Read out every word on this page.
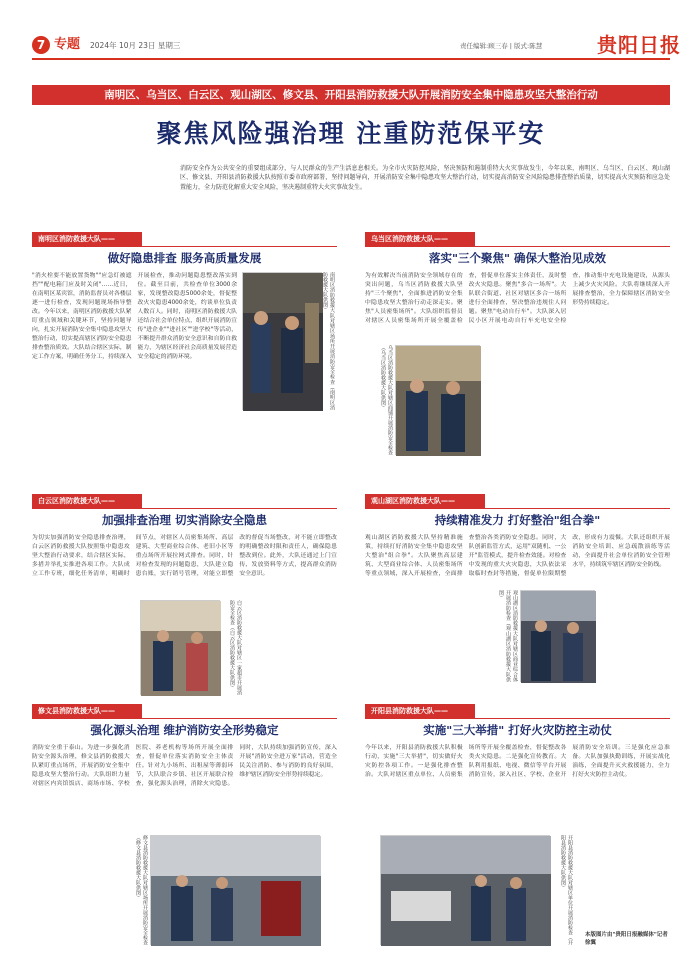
7 专题 2024年 10月 23日 星期三	责任编辑:顾三春 | 版式:陈慧	贵阳日报
南明区、乌当区、白云区、观山湖区、修文县、开阳县消防救援大队开展消防安全集中隐患攻坚大整治行动
聚焦风险强治理 注重防范保平安
消防安全作为公共安全的重要组成部分，与人民群众的生产生活息息相关。为全市火灾防控风险，坚决预防和遏制重特大火灾事故发生，今年以来，南明区、乌当区、白云区、观山湖区、修文县、开阳县消防救援大队按照市委市政府部署，坚持问题导向，开展消防安全集中隐患攻坚大整治行动，切实提高消防安全风险隐患排查整治质量，切实提高火灾预防和应急处置能力，全力防范化解重大安全风险，坚决遏制重特大火灾事故发生。
南明区消防救援大队——
做好隐患排查 服务高质量发展
"消火栓要不能放置货物""应急灯被遮挡""配电箱门应及时关闭"……近日，在南明区某宾馆，消防监督员对各楼层逐一进行检查，发现问题现场指导整改。今年以来，南明区消防救援大队紧盯重点领域和关键环节，坚持问题导向，扎实开展消防安全集中隐患攻坚大整治行动，切实提高辖区消防安全隐患排查整治质效。大队结合辖区实际，制定工作方案，明确任务分工，持续深入开展检查，推动问题隐患整改落实到位。截至目前，共检查单位3000余家，发现整改隐患5000余处，督促整改火灾隐患4000余处，约谈单位负责人数百人。同时，南明区消防救援大队还结合社会单位特点，组织开展消防宣传"进企业""进社区""进学校"等活动，不断提升群众消防安全意识和自防自救能力，为辖区经济社会高质量发展营造安全稳定的消防环境。	南明区消防救援大队对辖区场所开展消防安全检查（南明区消防救援大队供图）
乌当区消防救援大队——
落实"三个聚焦" 确保大整治见成效
为有效解决当前消防安全领域存在的突出问题，乌当区消防救援大队坚持"三个聚焦"，全面推进消防安全集中隐患攻坚大整治行动走深走实。聚焦"人员密集场所"。大队组织监督员对辖区人员密集场所开展全覆盖检查，督促单位落实主体责任，及时整改火灾隐患。聚焦"多合一场所"。大队联合街道、社区对辖区多合一场所进行全面排查，坚决整治违规住人问题。聚焦"电动自行车"。大队深入居民小区开展电动自行车充电安全检查，推动集中充电设施建设，从源头上减少火灾风险。大队将继续深入开展排查整治，全力保障辖区消防安全形势持续稳定。
乌当区消防救援大队对辖区商铺开展消防安全检查（乌当区消防救援大队供图）
白云区消防救援大队——
加强排查治理 切实消除安全隐患
为切实加强消防安全隐患排查治理，白云区消防救援大队按照集中隐患攻坚大整治行动要求，结合辖区实际，多措并举扎实推进各项工作。大队成立工作专班，细化任务清单，明确时间节点，对辖区人员密集场所、高层建筑、大型商业综合体、老旧小区等重点场所开展拉网式排查。同时，针对检查发现的问题隐患，大队建立隐患台账，实行销号管理，对能立即整改的督促当场整改，对不能立即整改的明确整改时限和责任人，确保隐患整改到位。此外，大队还通过上门宣传、发放资料等方式，提高群众消防安全意识。
白云区消防救援大队对辖区一家超市开展消防安全检查（白云区消防救援大队供图）
观山湖区消防救援大队——
持续精准发力 打好整治"组合拳"
观山湖区消防救援大队坚持精准施策，持续打好消防安全集中隐患攻坚大整治"组合拳"。大队聚焦高层建筑、大型商业综合体、人员密集场所等重点领域，深入开展检查，全面排查整治各类消防安全隐患。同时，大队创新监管方式，运用"双随机、一公开"监管模式，提升检查效能。对检查中发现的重大火灾隐患，大队依法采取临时查封等措施，督促单位限期整改，形成有力震慑。大队还组织开展消防安全培训、应急疏散演练等活动，全面提升社会单位消防安全管理水平，持续筑牢辖区消防安全防线。
观山湖区消防救援大队对辖区商业综合体开展消防检查（观山湖区消防救援大队供图）
修文县消防救援大队——
强化源头治理 维护消防安全形势稳定
消防安全重于泰山。为进一步强化消防安全源头治理，修文县消防救援大队紧盯重点场所，开展消防安全集中隐患攻坚大整治行动。大队组织力量对辖区内宾馆饭店、商场市场、学校医院、养老机构等场所开展全面排查，督促单位落实消防安全主体责任。针对九小场所、出租屋等薄弱环节，大队联合乡镇、社区开展联合检查，强化源头治理，消除火灾隐患。同时，大队持续加强消防宣传，深入开展"消防安全进万家"活动，营造全民关注消防、参与消防的良好氛围，维护辖区消防安全形势持续稳定。
修文县消防救援大队对辖区场所开展消防安全检查（修文县消防救援大队供图）
开阳县消防救援大队——
实施"三大举措" 打好火灾防控主动仗
今年以来，开阳县消防救援大队积极行动，实施"三大举措"，切实做好火灾防控各项工作。一是强化排查整治。大队对辖区重点单位、人员密集场所等开展全覆盖检查，督促整改各类火灾隐患。二是强化宣传教育。大队利用报纸、电视、微信等平台开展消防宣传，深入社区、学校、企业开展消防安全培训。三是强化应急准备。大队加强执勤训练，开展实战化演练，全面提升灭火救援能力，全力打好火灾防控主动仗。
开阳县消防救援大队对辖区单位开展消防检查（开阳县消防救援大队供图）
本版图片由"贵阳日报融媒体"记者 徐翼
